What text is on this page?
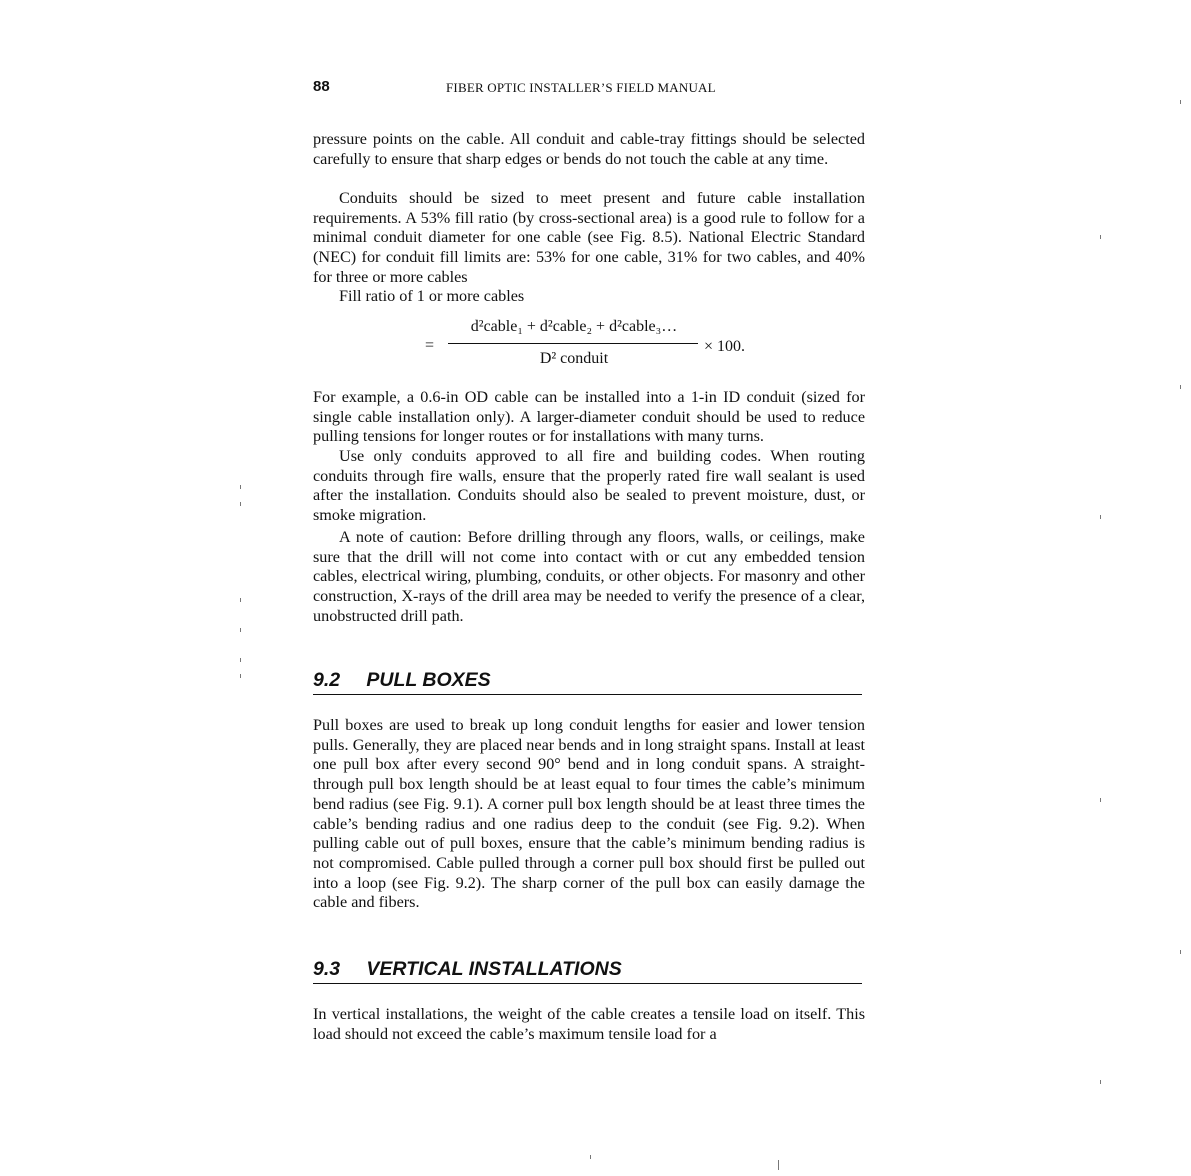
88	FIBER OPTIC INSTALLER’S FIELD MANUAL

pressure points on the cable. All conduit and cable-tray fittings should be selected carefully to ensure that sharp edges or bends do not touch the cable at any time.

Conduits should be sized to meet present and future cable installation requirements. A 53% fill ratio (by cross-sectional area) is a good rule to follow for a minimal conduit diameter for one cable (see Fig. 8.5). National Electric Standard (NEC) for conduit fill limits are: 53% for one cable, 31% for two cables, and 40% for three or more cables

Fill ratio of 1 or more cables

=
d²cable₁ + d²cable₂ + d²cable₃…
D² conduit
× 100.

For example, a 0.6-in OD cable can be installed into a 1-in ID conduit (sized for single cable installation only). A larger-diameter conduit should be used to reduce pulling tensions for longer routes or for installations with many turns.

Use only conduits approved to all fire and building codes. When routing conduits through fire walls, ensure that the properly rated fire wall sealant is used after the installation. Conduits should also be sealed to prevent moisture, dust, or smoke migration.

A note of caution: Before drilling through any floors, walls, or ceilings, make sure that the drill will not come into contact with or cut any embedded tension cables, electrical wiring, plumbing, conduits, or other objects. For masonry and other construction, X-rays of the drill area may be needed to verify the presence of a clear, unobstructed drill path.

9.2 PULL BOXES

Pull boxes are used to break up long conduit lengths for easier and lower tension pulls. Generally, they are placed near bends and in long straight spans. Install at least one pull box after every second 90° bend and in long conduit spans. A straight-through pull box length should be at least equal to four times the cable’s minimum bend radius (see Fig. 9.1). A corner pull box length should be at least three times the cable’s bending radius and one radius deep to the conduit (see Fig. 9.2). When pulling cable out of pull boxes, ensure that the cable’s minimum bending radius is not compromised. Cable pulled through a corner pull box should first be pulled out into a loop (see Fig. 9.2). The sharp corner of the pull box can easily damage the cable and fibers.

9.3 VERTICAL INSTALLATIONS

In vertical installations, the weight of the cable creates a tensile load on itself. This load should not exceed the cable’s maximum tensile load for a
